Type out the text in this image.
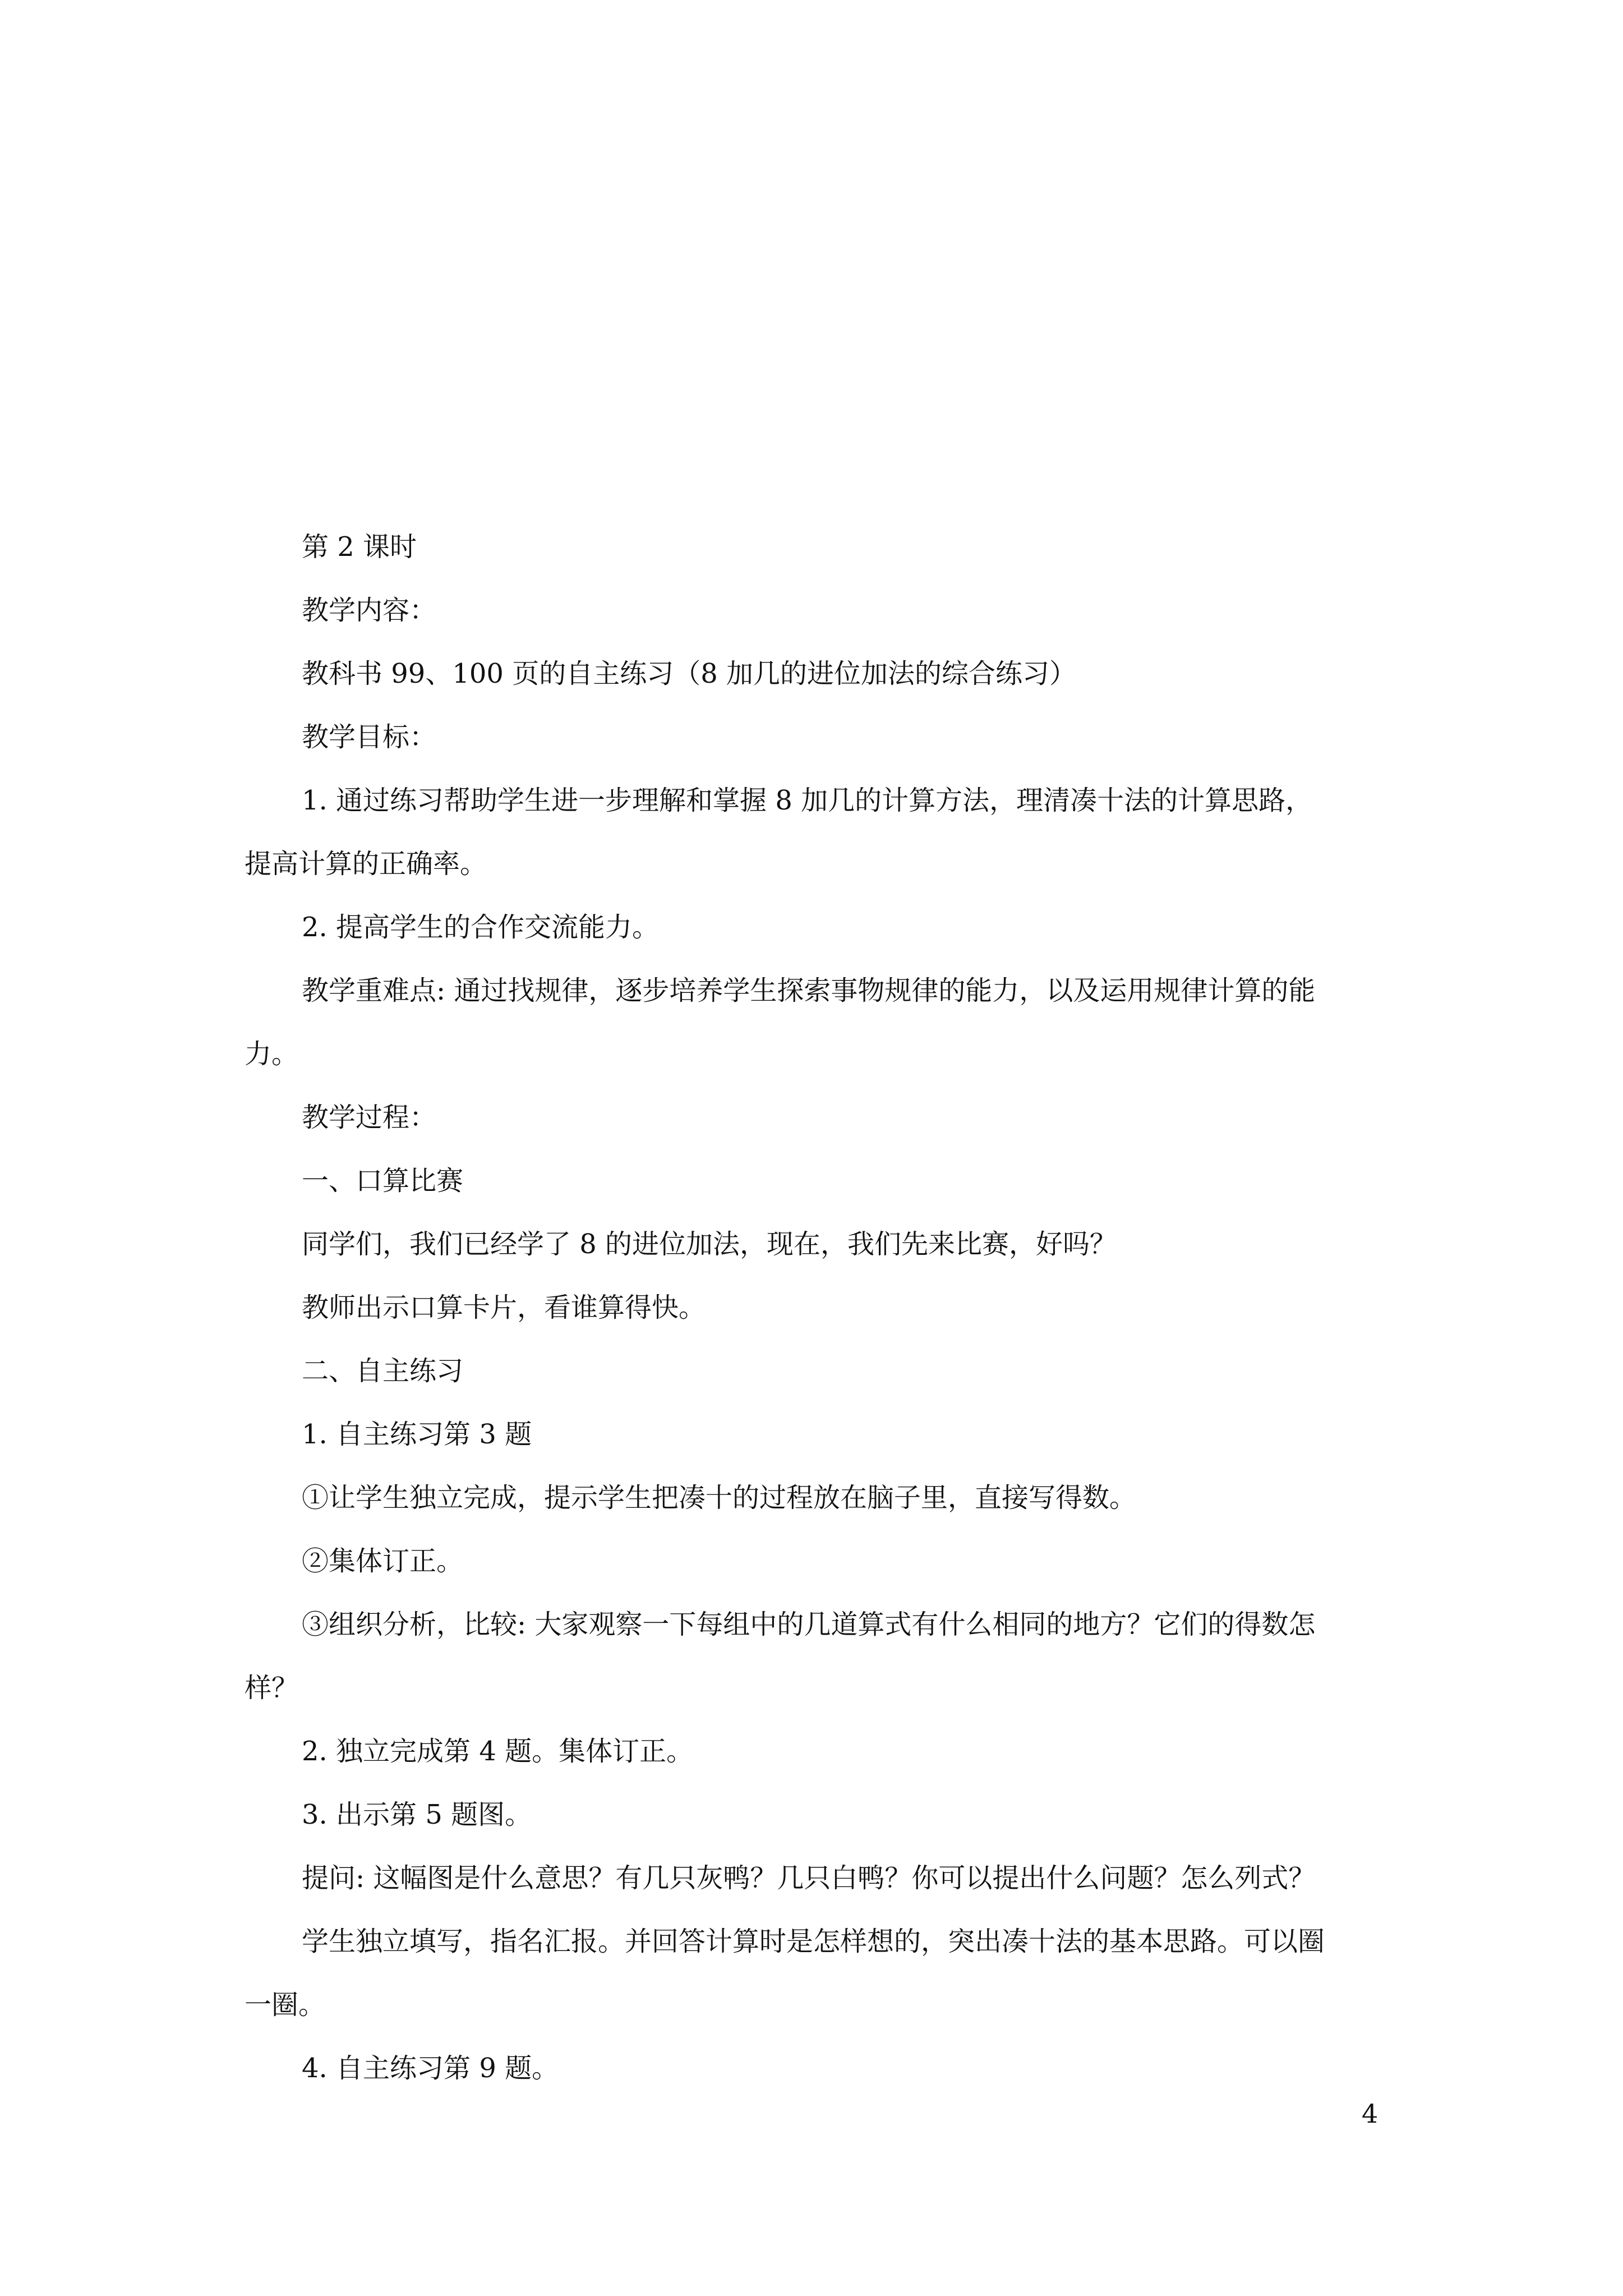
第 2 课时

教学内容：

教科书 99、100 页的自主练习（8 加几的进位加法的综合练习）

教学目标：

1. 通过练习帮助学生进一步理解和掌握 8 加几的计算方法，理清凑十法的计算思路，

提高计算的正确率。

2. 提高学生的合作交流能力。

教学重难点: 通过找规律，逐步培养学生探索事物规律的能力，以及运用规律计算的能

力。

教学过程：

一、口算比赛

同学们，我们已经学了 8 的进位加法，现在，我们先来比赛，好吗？

教师出示口算卡片，看谁算得快。

二、自主练习

1. 自主练习第 3 题

①让学生独立完成，提示学生把凑十的过程放在脑子里，直接写得数。

②集体订正。

③组织分析，比较: 大家观察一下每组中的几道算式有什么相同的地方？它们的得数怎

样？

2. 独立完成第 4 题。集体订正。

3. 出示第 5 题图。

提问: 这幅图是什么意思？有几只灰鸭？几只白鸭？你可以提出什么问题？怎么列式？

学生独立填写，指名汇报。并回答计算时是怎样想的，突出凑十法的基本思路。可以圈

一圈。

4. 自主练习第 9 题。

4
